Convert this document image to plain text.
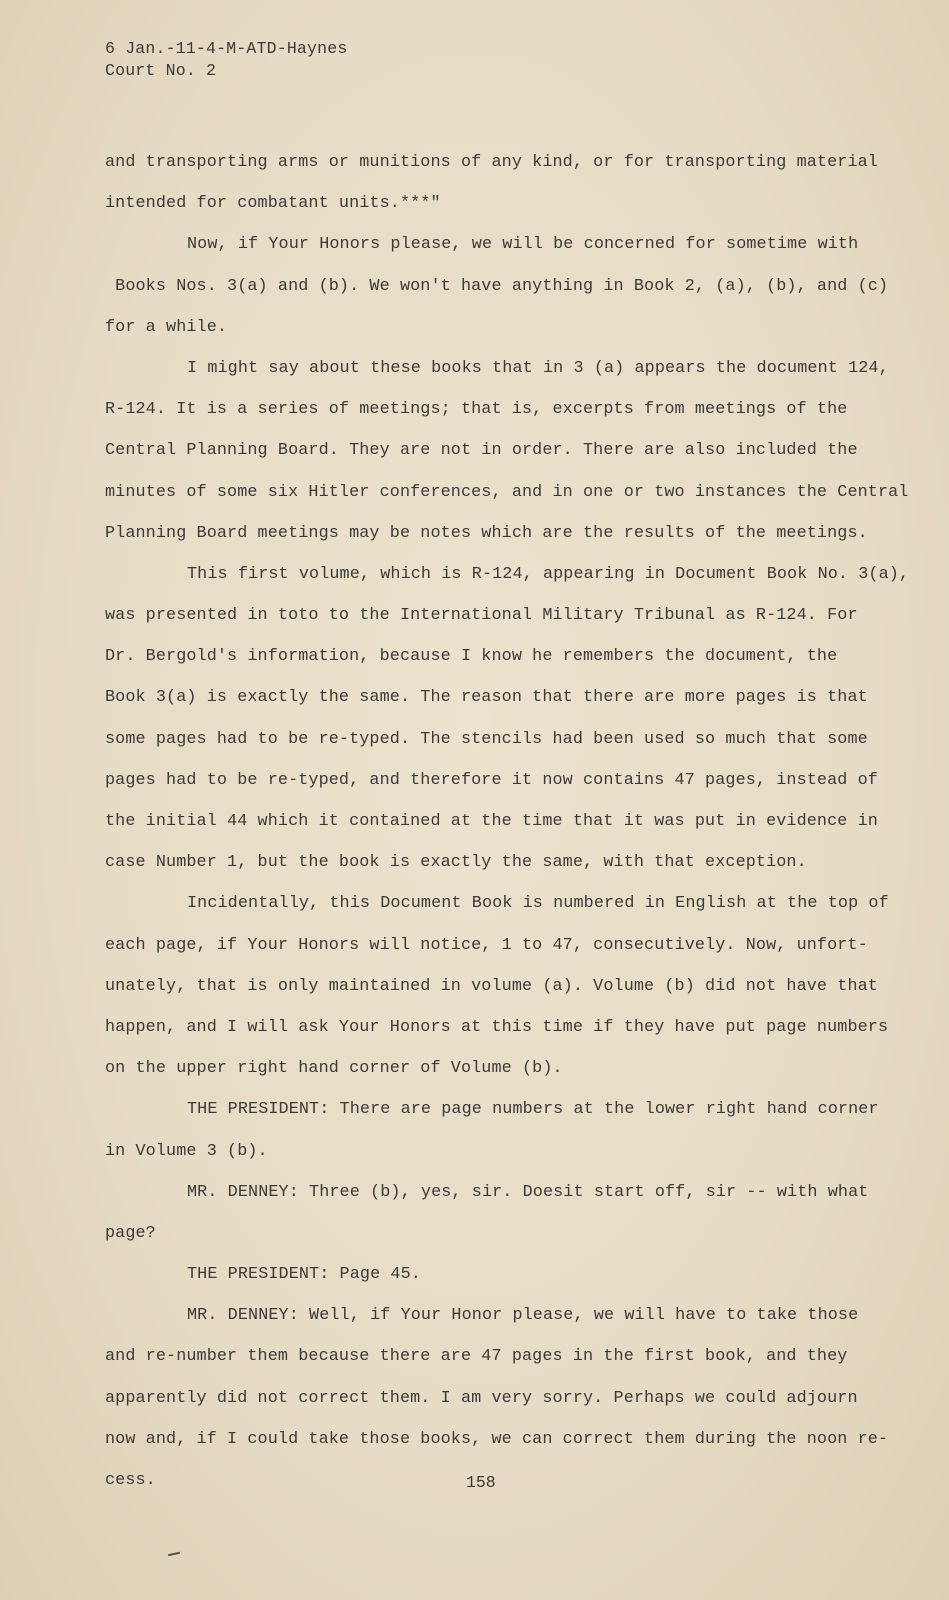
6 Jan.-11-4-M-ATD-Haynes
Court No. 2
and transporting arms or munitions of any kind, or for transporting material
intended for combatant units.***"
Now, if Your Honors please, we will be concerned for sometime with
Books Nos. 3(a) and (b). We won't have anything in Book 2, (a), (b), and (c)
for a while.
I might say about these books that in 3 (a) appears the document 124,
R-124. It is a series of meetings; that is, excerpts from meetings of the
Central Planning Board. They are not in order. There are also included the
minutes of some six Hitler conferences, and in one or two instances the Central
Planning Board meetings may be notes which are the results of the meetings.
This first volume, which is R-124, appearing in Document Book No. 3(a),
was presented in toto to the International Military Tribunal as R-124. For
Dr. Bergold's information, because I know he remembers the document, the
Book 3(a) is exactly the same. The reason that there are more pages is that
some pages had to be re-typed. The stencils had been used so much that some
pages had to be re-typed, and therefore it now contains 47 pages, instead of
the initial 44 which it contained at the time that it was put in evidence in
case Number 1, but the book is exactly the same, with that exception.
Incidentally, this Document Book is numbered in English at the top of
each page, if Your Honors will notice, 1 to 47, consecutively. Now, unfort-
unately, that is only maintained in volume (a). Volume (b) did not have that
happen, and I will ask Your Honors at this time if they have put page numbers
on the upper right hand corner of Volume (b).
THE PRESIDENT: There are page numbers at the lower right hand corner
in Volume 3 (b).
MR. DENNEY: Three (b), yes, sir. Doesit start off, sir -- with what
page?
THE PRESIDENT: Page 45.
MR. DENNEY: Well, if Your Honor please, we will have to take those
and re-number them because there are 47 pages in the first book, and they
apparently did not correct them. I am very sorry. Perhaps we could adjourn
now and, if I could take those books, we can correct them during the noon re-
cess.	158
